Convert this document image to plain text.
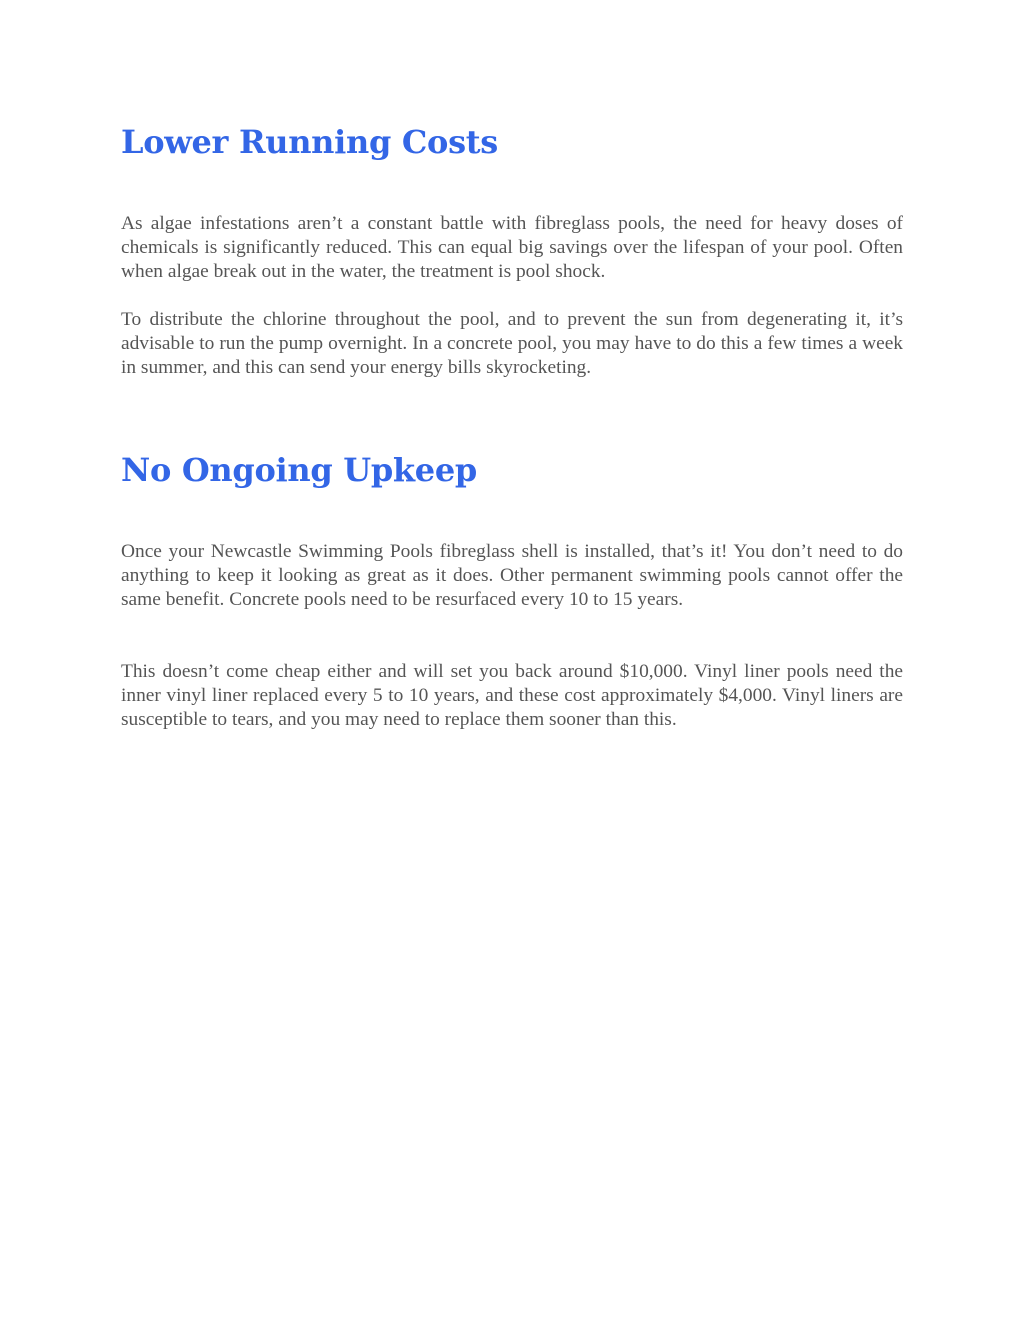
Lower Running Costs

As algae infestations aren’t a constant battle with fibreglass pools, the need for heavy doses of chemicals is significantly reduced. This can equal big savings over the lifespan of your pool. Often when algae break out in the water, the treatment is pool shock.

To distribute the chlorine throughout the pool, and to prevent the sun from degenerating it, it’s advisable to run the pump overnight. In a concrete pool, you may have to do this a few times a week in summer, and this can send your energy bills skyrocketing.

No Ongoing Upkeep

Once your Newcastle Swimming Pools fibreglass shell is installed, that’s it! You don’t need to do anything to keep it looking as great as it does. Other permanent swimming pools cannot offer the same benefit. Concrete pools need to be resurfaced every 10 to 15 years.

This doesn’t come cheap either and will set you back around $10,000. Vinyl liner pools need the inner vinyl liner replaced every 5 to 10 years, and these cost approximately $4,000. Vinyl liners are susceptible to tears, and you may need to replace them sooner than this.
